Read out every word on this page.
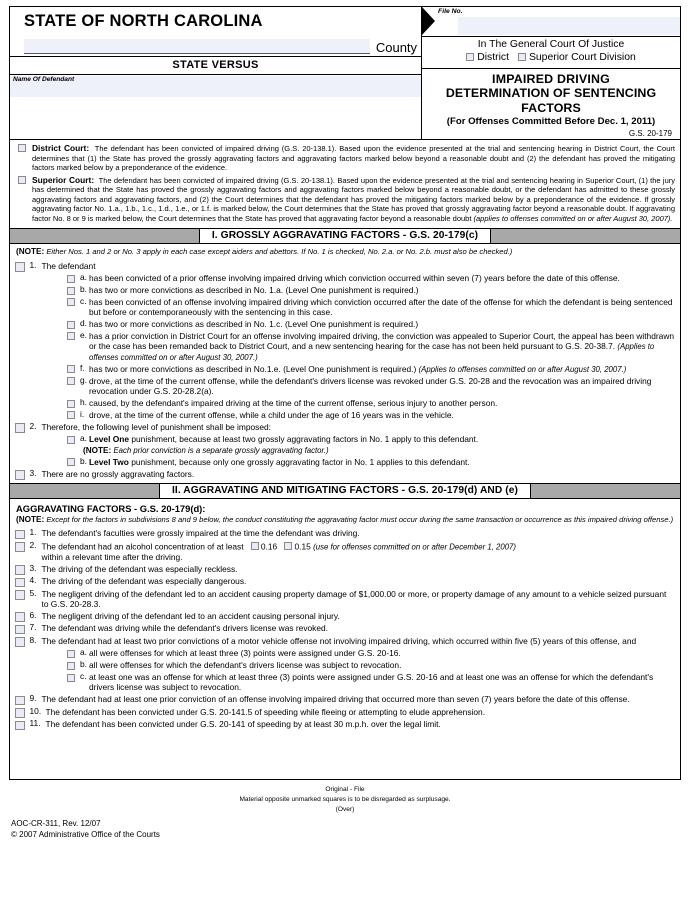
STATE OF NORTH CAROLINA
County
STATE VERSUS
Name Of Defendant
File No.
In The General Court Of Justice
District	Superior Court Division
IMPAIRED DRIVING
DETERMINATION OF SENTENCING FACTORS
(For Offenses Committed Before Dec. 1, 2011)
G.S. 20-179
District Court: The defendant has been convicted of impaired driving (G.S. 20-138.1). Based upon the evidence presented at the trial and sentencing hearing in District Court, the Court determines that (1) the State has proved the grossly aggravating factors and aggravating factors marked below beyond a reasonable doubt and (2) the defendant has proved the mitigating factors marked below by a preponderance of the evidence.
Superior Court: The defendant has been convicted of impaired driving (G.S. 20-138.1). Based upon the evidence presented at the trial and sentencing hearing in Superior Court, (1) the jury has determined that the State has proved the grossly aggravating factors and aggravating factors marked below beyond a reasonable doubt, or the defendant has admitted to these grossly aggravating factors and aggravating factors, and (2) the Court determines that the defendant has proved the mitigating factors marked below by a preponderance of the evidence. If grossly aggravating factor No. 1.a., 1.b., 1.c., 1.d., 1.e., or 1.f. is marked below, the Court determines that the State has proved that grossly aggravating factor beyond a reasonable doubt. If aggravating factor No. 8 or 9 is marked below, the Court determines that the State has proved that aggravating factor beyond a reasonable doubt (applies to offenses committed on or after August 30, 2007).
I. GROSSLY AGGRAVATING FACTORS - G.S. 20-179(c)
(NOTE: Either Nos. 1 and 2 or No. 3 apply in each case except aiders and abettors. If No. 1 is checked, No. 2.a. or No. 2.b. must also be checked.)
1. The defendant
a. has been convicted of a prior offense involving impaired driving which conviction occurred within seven (7) years before the date of this offense.
b. has two or more convictions as described in No. 1.a. (Level One punishment is required.)
c. has been convicted of an offense involving impaired driving which conviction occurred after the date of the offense for which the defendant is being sentenced but before or contemporaneously with the sentencing in this case.
d. has two or more convictions as described in No. 1.c. (Level One punishment is required.)
e. has a prior conviction in District Court for an offense involving impaired driving, the conviction was appealed to Superior Court, the appeal has been withdrawn or the case has been remanded back to District Court, and a new sentencing hearing for the case has not been held pursuant to G.S. 20-38.7. (Applies to offenses committed on or after August 30, 2007.)
f. has two or more convictions as described in No.1.e. (Level One punishment is required.) (Applies to offenses committed on or after August 30, 2007.)
g. drove, at the time of the current offense, while the defendant's drivers license was revoked under G.S. 20-28 and the revocation was an impaired driving revocation under G.S. 20-28.2(a).
h. caused, by the defendant's impaired driving at the time of the current offense, serious injury to another person.
i. drove, at the time of the current offense, while a child under the age of 16 years was in the vehicle.
2. Therefore, the following level of punishment shall be imposed:
a. Level One punishment, because at least two grossly aggravating factors in No. 1 apply to this defendant.
(NOTE: Each prior conviction is a separate grossly aggravating factor.)
b. Level Two punishment, because only one grossly aggravating factor in No. 1 applies to this defendant.
3. There are no grossly aggravating factors.
II. AGGRAVATING AND MITIGATING FACTORS - G.S. 20-179(d) AND (e)
AGGRAVATING FACTORS - G.S. 20-179(d):
(NOTE: Except for the factors in subdivisions 8 and 9 below, the conduct constituting the aggravating factor must occur during the same transaction or occurrence as this impaired driving offense.)
1. The defendant's faculties were grossly impaired at the time the defendant was driving.
2. The defendant had an alcohol concentration of at least 0.16 0.15 (use for offenses committed on or after December 1, 2007)
within a relevant time after the driving.
3. The driving of the defendant was especially reckless.
4. The driving of the defendant was especially dangerous.
5. The negligent driving of the defendant led to an accident causing property damage of $1,000.00 or more, or property damage of any amount to a vehicle seized pursuant to G.S. 20-28.3.
6. The negligent driving of the defendant led to an accident causing personal injury.
7. The defendant was driving while the defendant's drivers license was revoked.
8. The defendant had at least two prior convictions of a motor vehicle offense not involving impaired driving, which occurred within five (5) years of this offense, and
a. all were offenses for which at least three (3) points were assigned under G.S. 20-16.
b. all were offenses for which the defendant's drivers license was subject to revocation.
c. at least one was an offense for which at least three (3) points were assigned under G.S. 20-16 and at least one was an offense for which the defendant's drivers license was subject to revocation.
9. The defendant had at least one prior conviction of an offense involving impaired driving that occurred more than seven (7) years before the date of this offense.
10. The defendant has been convicted under G.S. 20-141.5 of speeding while fleeing or attempting to elude apprehension.
11. The defendant has been convicted under G.S. 20-141 of speeding by at least 30 m.p.h. over the legal limit.
Original - File
Material opposite unmarked squares is to be disregarded as surplusage.
(Over)
AOC-CR-311, Rev. 12/07
© 2007 Administrative Office of the Courts
